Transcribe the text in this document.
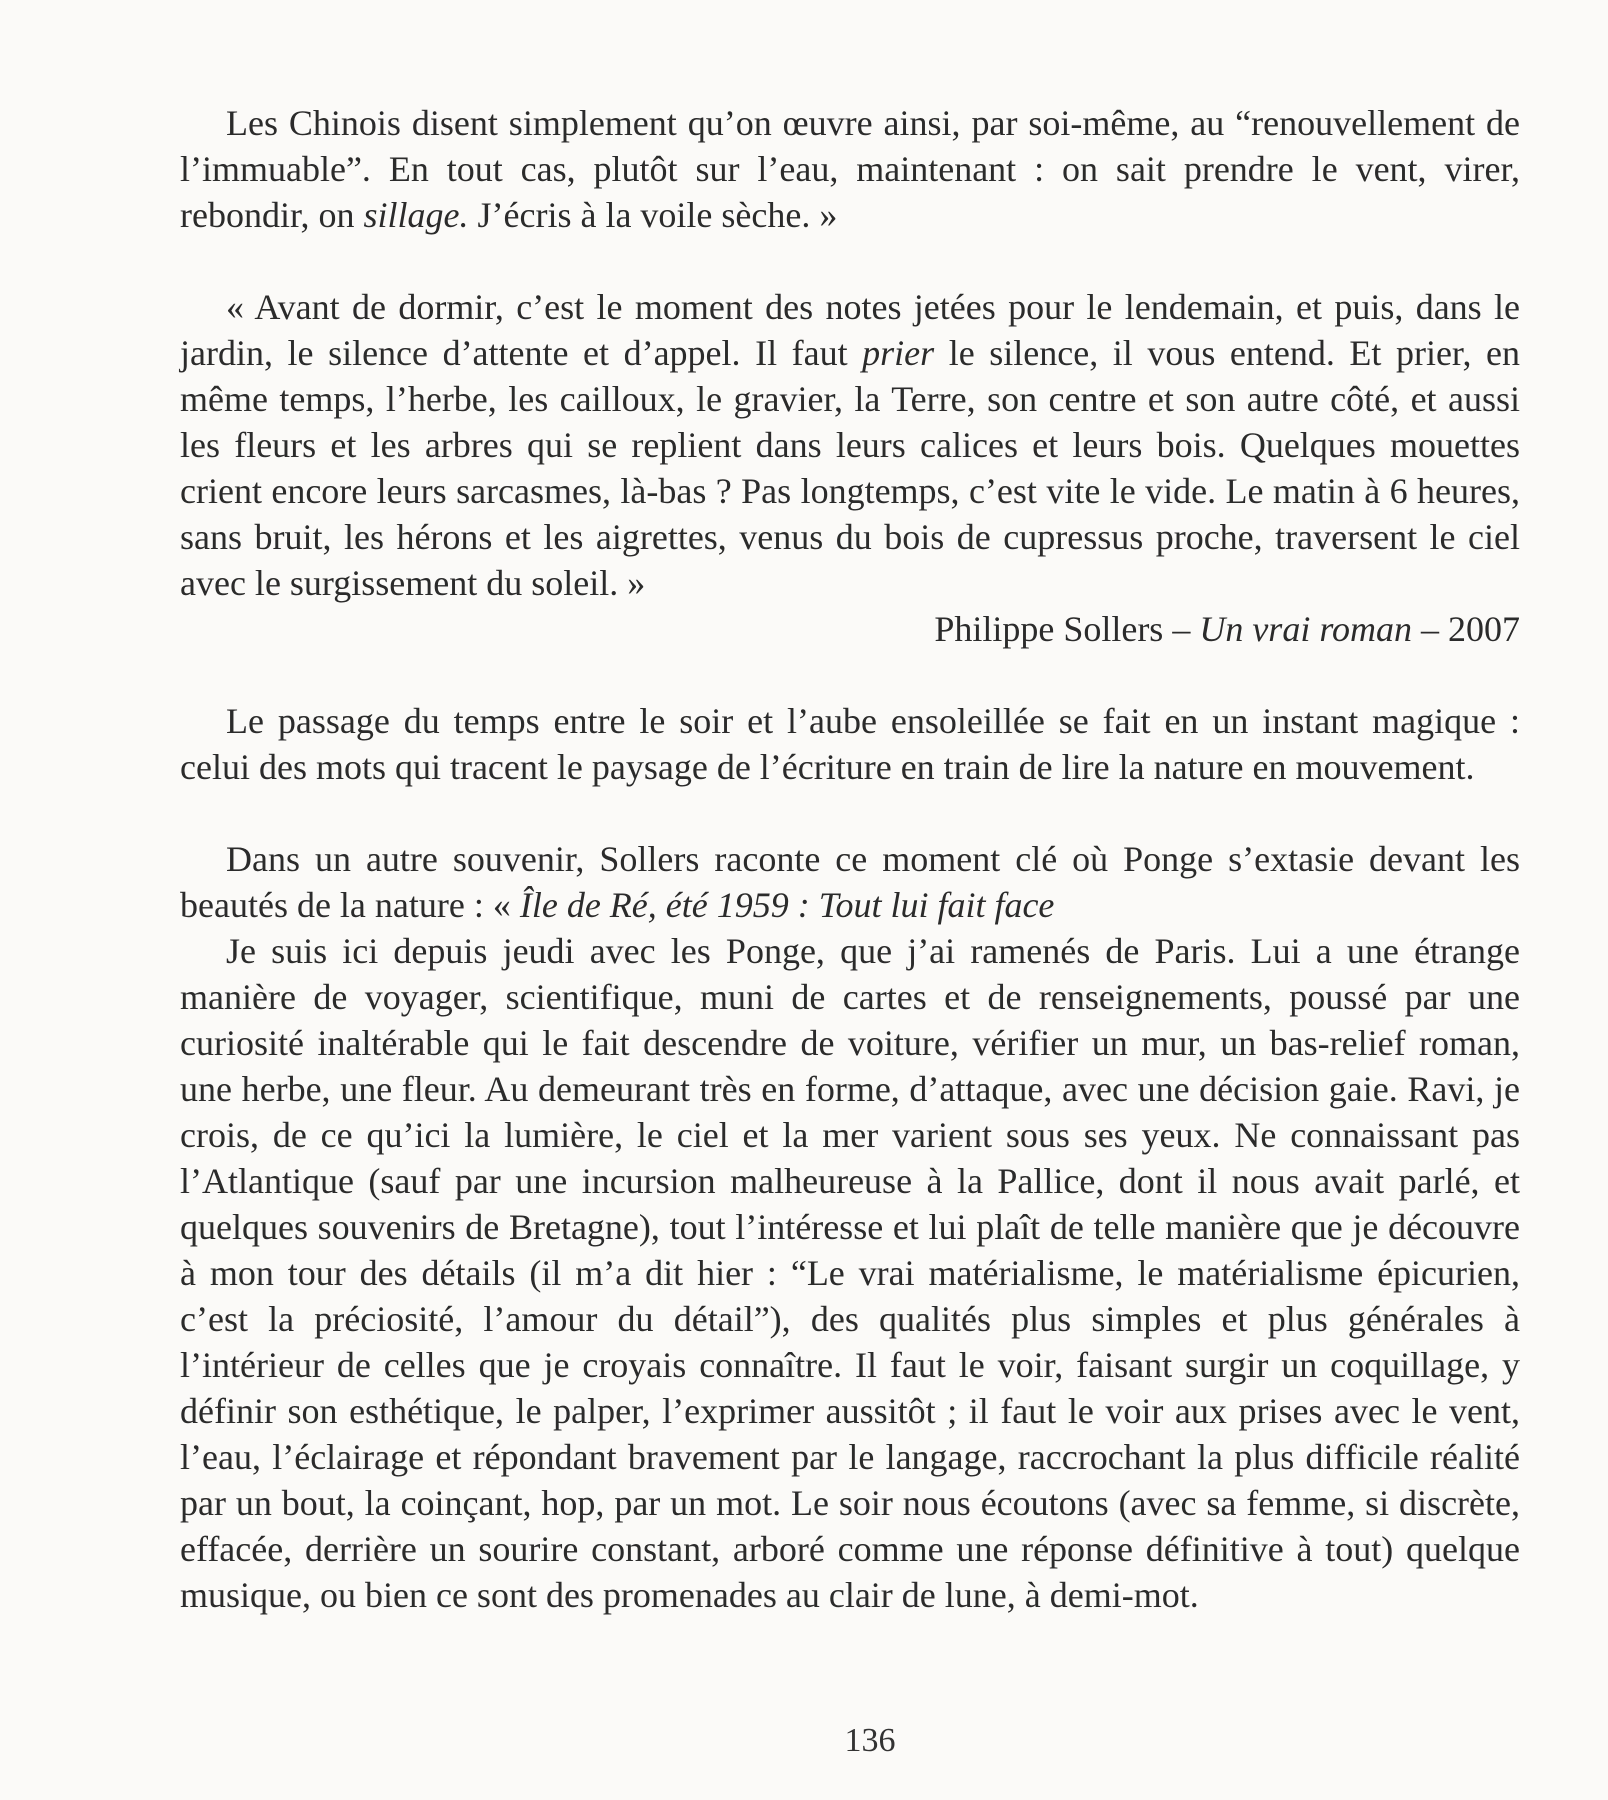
Les Chinois disent simplement qu’on œuvre ainsi, par soi-même, au “renouvellement de l’immuable”. En tout cas, plutôt sur l’eau, maintenant : on sait prendre le vent, virer, rebondir, on sillage. J’écris à la voile sèche. »

« Avant de dormir, c’est le moment des notes jetées pour le lendemain, et puis, dans le jardin, le silence d’attente et d’appel. Il faut prier le silence, il vous entend. Et prier, en même temps, l’herbe, les cailloux, le gravier, la Terre, son centre et son autre côté, et aussi les fleurs et les arbres qui se replient dans leurs calices et leurs bois. Quelques mouettes crient encore leurs sarcasmes, là-bas ? Pas longtemps, c’est vite le vide. Le matin à 6 heures, sans bruit, les hérons et les aigrettes, venus du bois de cupressus proche, traversent le ciel avec le surgissement du soleil. »

Philippe Sollers – Un vrai roman – 2007

Le passage du temps entre le soir et l’aube ensoleillée se fait en un instant magique : celui des mots qui tracent le paysage de l’écriture en train de lire la nature en mouvement.

Dans un autre souvenir, Sollers raconte ce moment clé où Ponge s’extasie devant les beautés de la nature : « Île de Ré, été 1959 : Tout lui fait face

Je suis ici depuis jeudi avec les Ponge, que j’ai ramenés de Paris. Lui a une étrange manière de voyager, scientifique, muni de cartes et de renseignements, poussé par une curiosité inaltérable qui le fait descendre de voiture, vérifier un mur, un bas-relief roman, une herbe, une fleur. Au demeurant très en forme, d’attaque, avec une décision gaie. Ravi, je crois, de ce qu’ici la lumière, le ciel et la mer varient sous ses yeux. Ne connaissant pas l’Atlantique (sauf par une incursion malheureuse à la Pallice, dont il nous avait parlé, et quelques souvenirs de Bretagne), tout l’intéresse et lui plaît de telle manière que je découvre à mon tour des détails (il m’a dit hier : “Le vrai matérialisme, le matérialisme épicurien, c’est la préciosité, l’amour du détail”), des qualités plus simples et plus générales à l’intérieur de celles que je croyais connaître. Il faut le voir, faisant surgir un coquillage, y définir son esthétique, le palper, l’exprimer aussitôt ; il faut le voir aux prises avec le vent, l’eau, l’éclairage et répondant bravement par le langage, raccrochant la plus difficile réalité par un bout, la coinçant, hop, par un mot. Le soir nous écoutons (avec sa femme, si discrète, effacée, derrière un sourire constant, arboré comme une réponse définitive à tout) quelque musique, ou bien ce sont des promenades au clair de lune, à demi-mot.

136
